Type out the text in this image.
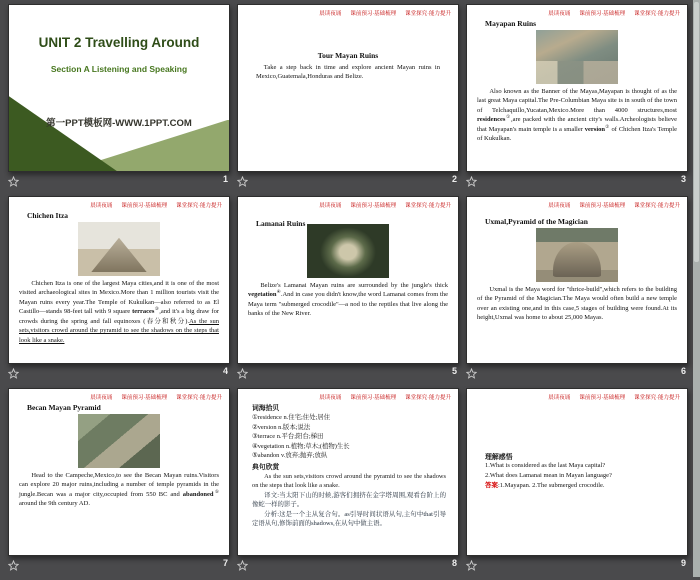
UNIT 2 Travelling Around
Section A Listening and Speaking
第一PPT模板网-WWW.1PPT.COM
1
晨读夜诵 课前预习·基础梳理 课堂探究·能力提升
Tour Mayan Ruins
Take a step back in time and explore ancient Mayan ruins in Mexico,Guatemala,Honduras and Belize.
2
晨读夜诵 课前预习·基础梳理 课堂探究·能力提升
Mayapan Ruins
Also known as the Banner of the Mayas,Mayapan is thought of as the last great Maya capital.The Pre-Columbian Maya site is in south of the town of Telchaquillo,Yucatan,Mexico.More than 4000 structures,most residences①,are packed with the ancient city's walls.Archeologists believe that Mayapan's main temple is a smaller version② of Chichen Itza's Temple of Kukulkan.
3
晨读夜诵 课前预习·基础梳理 课堂探究·能力提升
Chichen Itza
Chichen Itza is one of the largest Maya cities,and it is one of the most visited archaeological sites in Mexico.More than 1 million tourists visit the Mayan ruins every year.The Temple of Kukulkan—also referred to as El Castillo—stands 98-feet tall with 9 square terraces③,and it's a big draw for crowds during the spring and fall equinoxes (春分和秋分).As the sun sets,visitors crowd around the pyramid to see the shadows on the steps that look like a snake.
4
晨读夜诵 课前预习·基础梳理 课堂探究·能力提升
Lamanai Ruins
Belize's Lamanai Mayan ruins are surrounded by the jungle's thick vegetation④.And in case you didn't know,the word Lamanai comes from the Maya term "submerged crocodile"—a nod to the reptiles that live along the banks of the New River.
5
晨读夜诵 课前预习·基础梳理 课堂探究·能力提升
Uxmal,Pyramid of the Magician
Uxmal is the Maya word for "thrice-build",which refers to the building of the Pyramid of the Magician.The Maya would often build a new temple over an existing one,and in this case,5 stages of building were found.At its height,Uxmal was home to about 25,000 Mayas.
6
晨读夜诵 课前预习·基础梳理 课堂探究·能力提升
Becan Mayan Pyramid
Head to the Campeche,Mexico,to see the Becan Mayan ruins.Visitors can explore 20 major ruins,including a number of temple pyramids in the jungle.Becan was a major city,occupied from 550 BC and abandoned⑤ around the 9th century AD.
7
晨读夜诵 课前预习·基础梳理 课堂探究·能力提升
词海拾贝
①residence n.住宅;住处;居住
②version n.版本;说法
③terrace n.平台;阳台;梯田
④vegetation n.植物;草木;(植物)生长
⑤abandon v.放弃;抛弃;放纵
典句欣赏
As the sun sets,visitors crowd around the pyramid to see the shadows on the steps that look like a snake.
译文:当太阳下山的时候,游客们拥挤在金字塔周围,观看台阶上的像蛇一样的影子。
分析:这是一个主从复合句。as引导时间状语从句,主句中that引导定语从句,修饰前面的shadows,在从句中做主语。
8
晨读夜诵 课前预习·基础梳理 课堂探究·能力提升
理解感悟
1.What is considered as the last Maya capital?
2.What does Lamanai mean in Mayan language?
答案:1.Mayapan. 2.The submerged crocodile.
9
